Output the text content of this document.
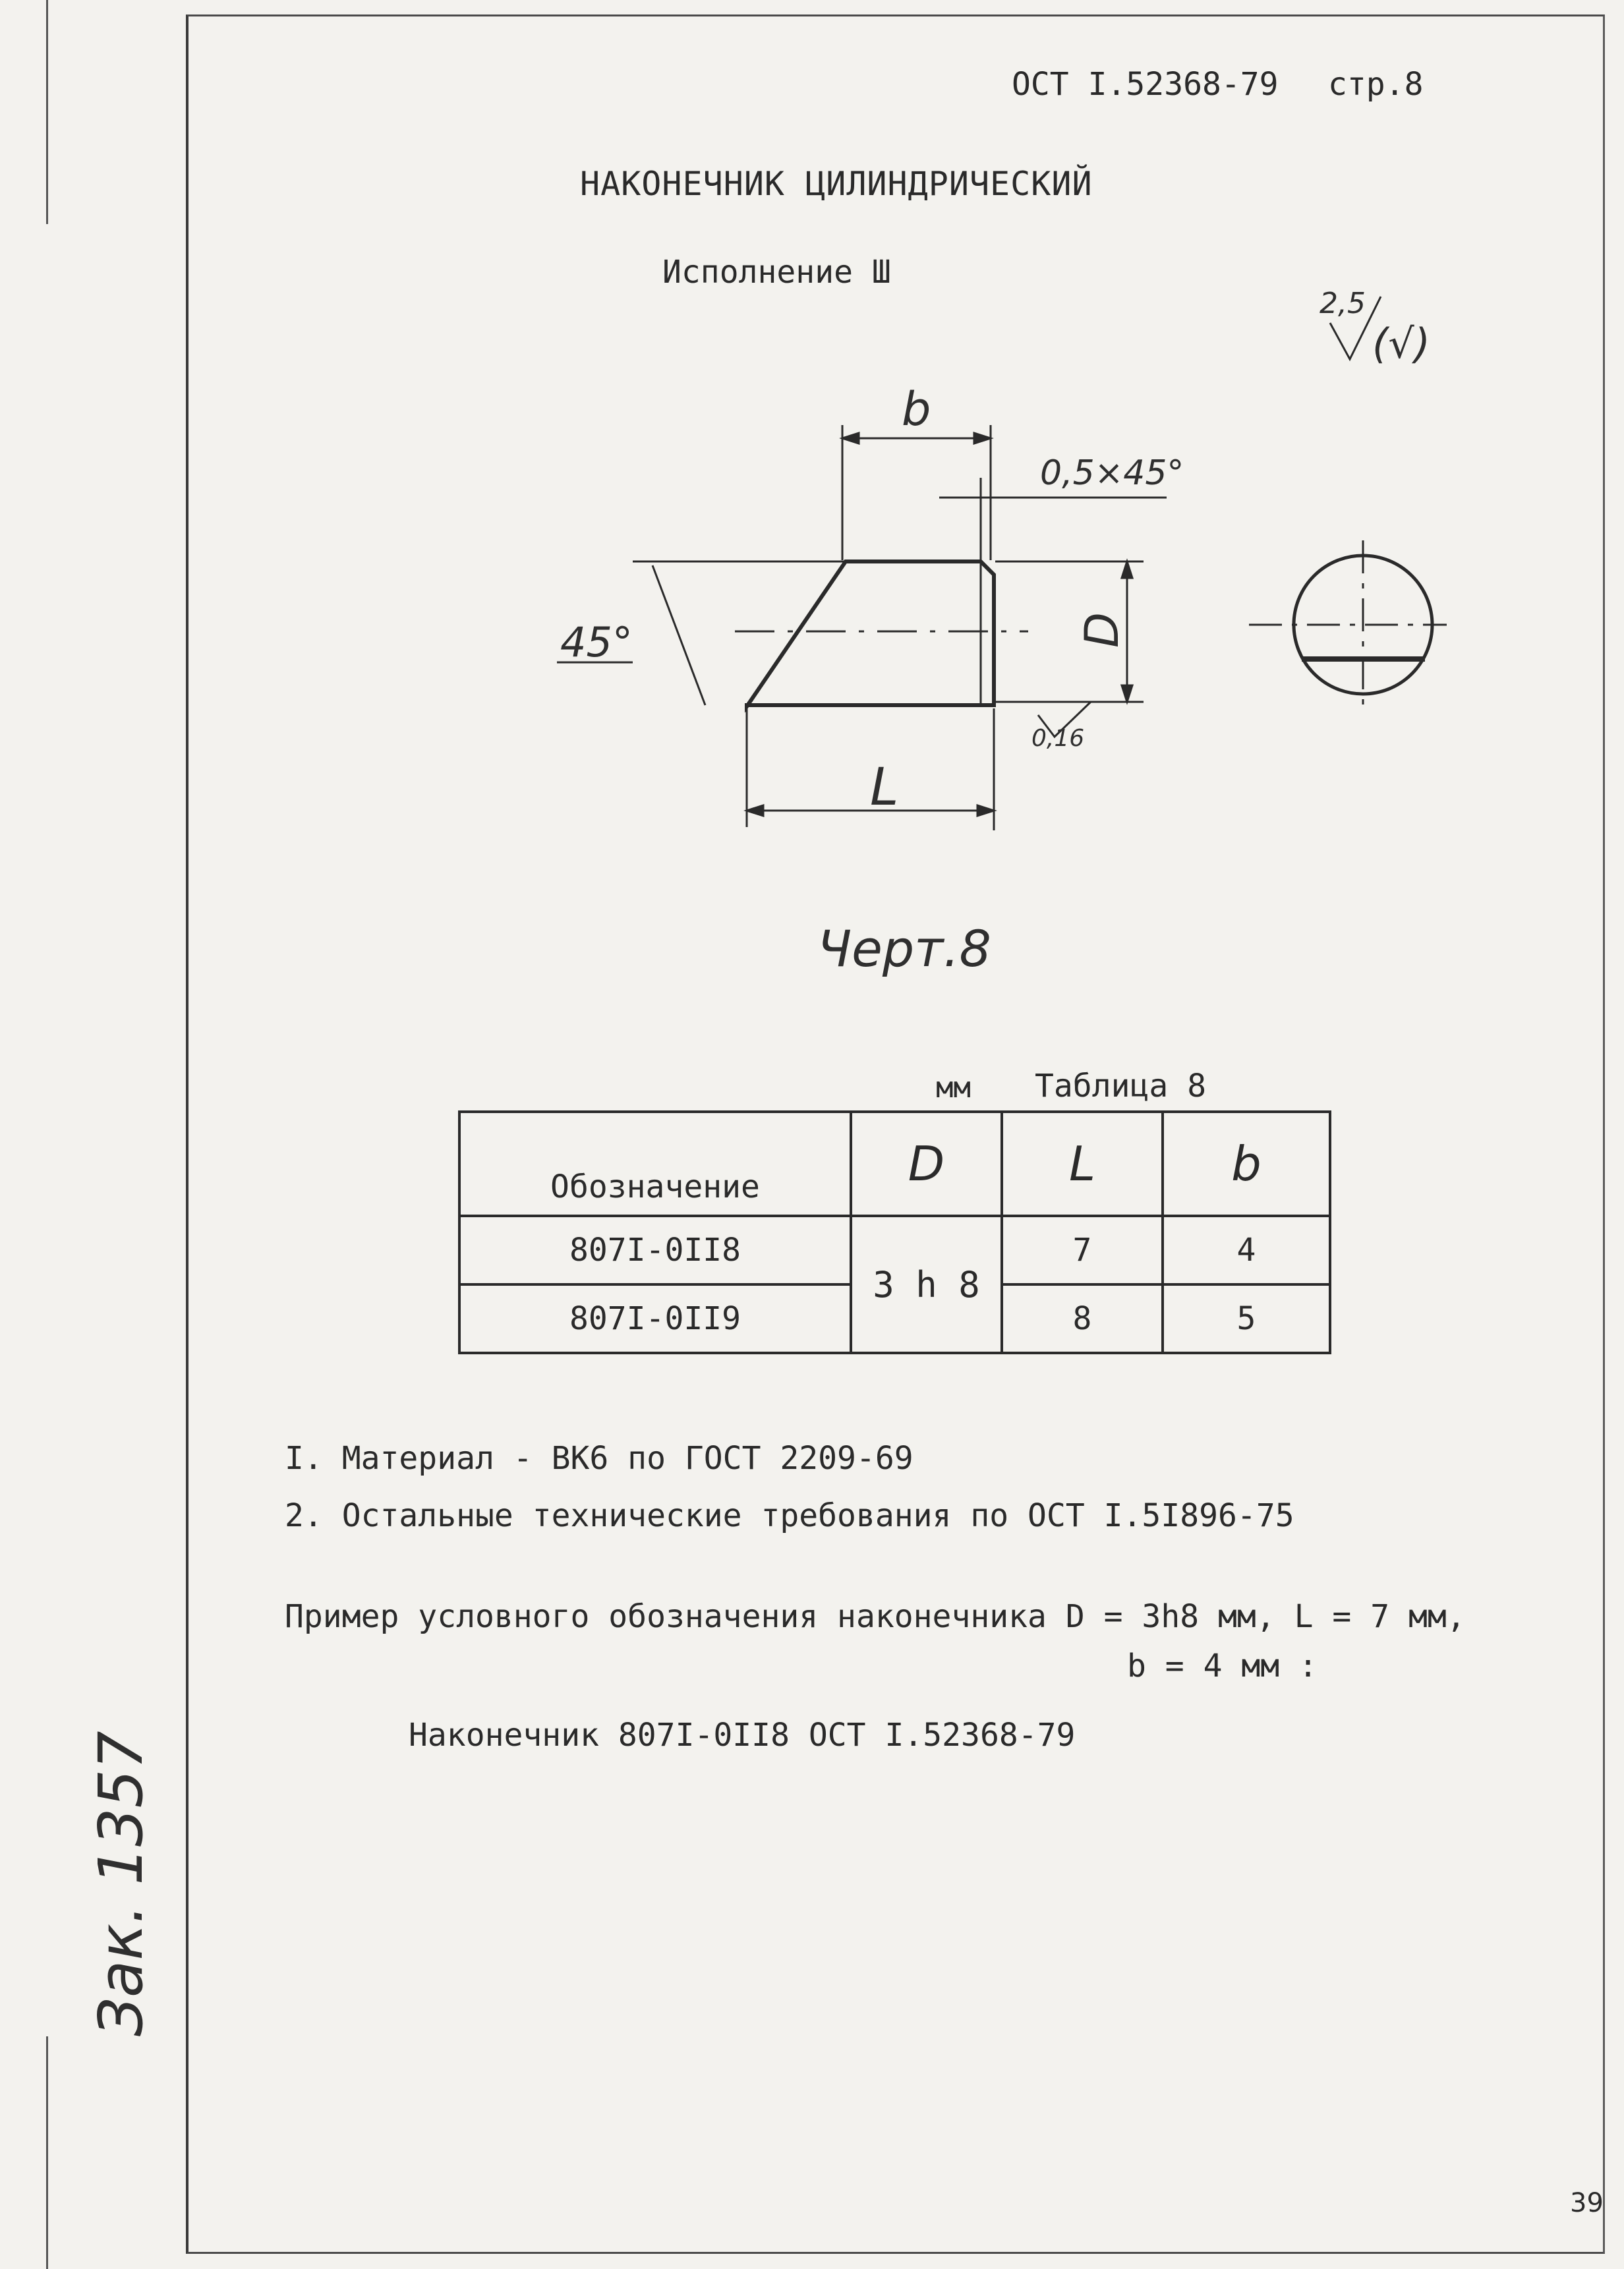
ОСТ I.52368-79 стр.8
НАКОНЕЧНИК ЦИЛИНДРИЧЕСКИЙ
Исполнение Ш
2,5
(√)
b
0,5×45°
45°	D
L
0,16
Черт.8
мм Таблица 8
Обозначение	D	L	b
807I-0II8	3 h 8	7	4
807I-0II9		8	5
I. Материал - ВК6 по ГОСТ 2209-69
2. Остальные технические требования по ОСТ I.5I896-75
Пример условного обозначения наконечника D = 3h8 мм, L = 7 мм,
b = 4 мм :
Наконечник 807I-0II8 ОСТ I.52368-79
Зак. 1357
39
